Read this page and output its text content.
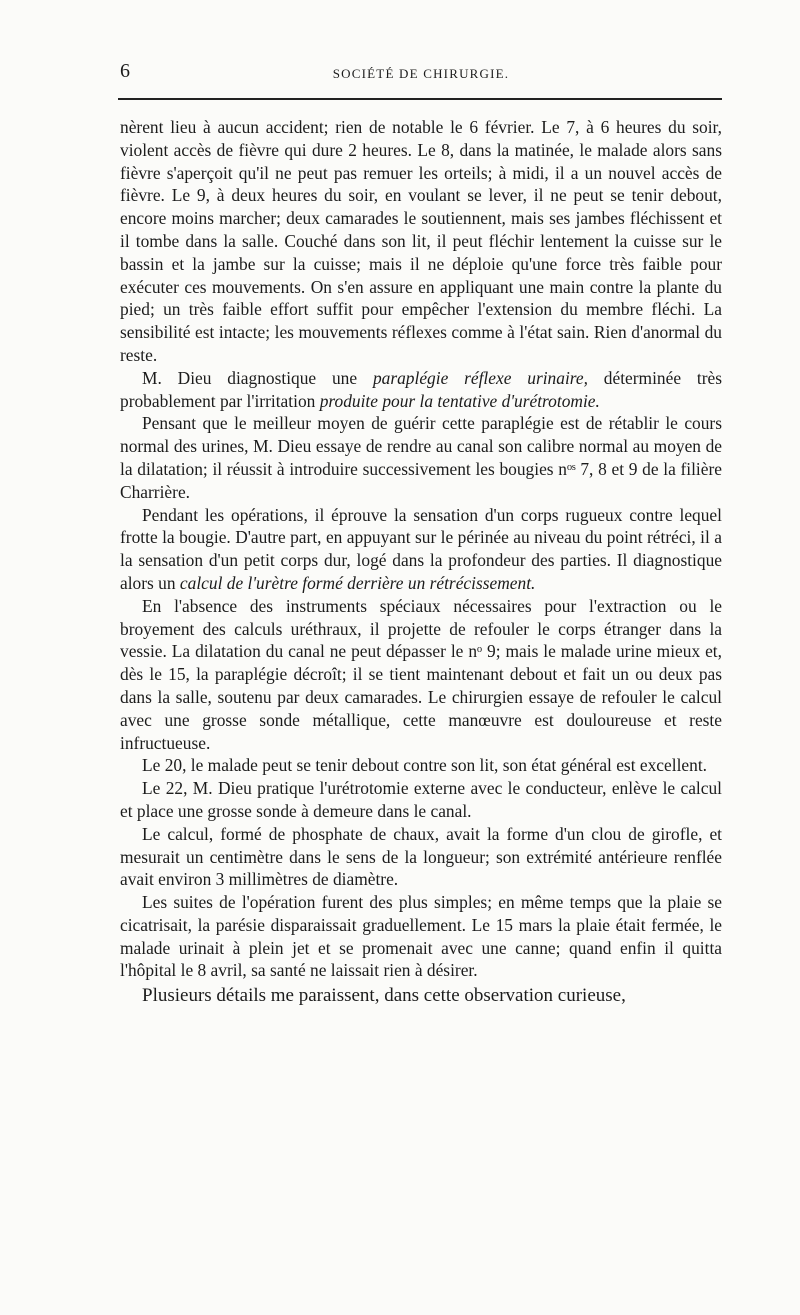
6	SOCIÉTÉ DE CHIRURGIE.

nèrent lieu à aucun accident; rien de notable le 6 février. Le 7, à 6 heures du soir, violent accès de fièvre qui dure 2 heures. Le 8, dans la matinée, le malade alors sans fièvre s'aperçoit qu'il ne peut pas remuer les orteils; à midi, il a un nouvel accès de fièvre. Le 9, à deux heures du soir, en voulant se lever, il ne peut se tenir debout, encore moins marcher; deux camarades le soutiennent, mais ses jambes fléchissent et il tombe dans la salle. Couché dans son lit, il peut fléchir lentement la cuisse sur le bassin et la jambe sur la cuisse; mais il ne déploie qu'une force très faible pour exécuter ces mouvements. On s'en assure en appliquant une main contre la plante du pied; un très faible effort suffit pour empêcher l'extension du membre fléchi. La sensibilité est intacte; les mouvements réflexes comme à l'état sain. Rien d'anormal du reste.

M. Dieu diagnostique une paraplégie réflexe urinaire, déterminée très probablement par l'irritation produite pour la tentative d'urétrotomie.

Pensant que le meilleur moyen de guérir cette paraplégie est de rétablir le cours normal des urines, M. Dieu essaye de rendre au canal son calibre normal au moyen de la dilatation; il réussit à introduire successivement les bougies nᵒˢ 7, 8 et 9 de la filière Charrière.

Pendant les opérations, il éprouve la sensation d'un corps rugueux contre lequel frotte la bougie. D'autre part, en appuyant sur le périnée au niveau du point rétréci, il a la sensation d'un petit corps dur, logé dans la profondeur des parties. Il diagnostique alors un calcul de l'urètre formé derrière un rétrécissement.

En l'absence des instruments spéciaux nécessaires pour l'extraction ou le broyement des calculs uréthraux, il projette de refouler le corps étranger dans la vessie. La dilatation du canal ne peut dépasser le nᵒ 9; mais le malade urine mieux et, dès le 15, la paraplégie décroît; il se tient maintenant debout et fait un ou deux pas dans la salle, soutenu par deux camarades. Le chirurgien essaye de refouler le calcul avec une grosse sonde métallique, cette manœuvre est douloureuse et reste infructueuse.

Le 20, le malade peut se tenir debout contre son lit, son état général est excellent.

Le 22, M. Dieu pratique l'urétrotomie externe avec le conducteur, enlève le calcul et place une grosse sonde à demeure dans le canal.

Le calcul, formé de phosphate de chaux, avait la forme d'un clou de girofle, et mesurait un centimètre dans le sens de la longueur; son extrémité antérieure renflée avait environ 3 millimètres de diamètre.

Les suites de l'opération furent des plus simples; en même temps que la plaie se cicatrisait, la parésie disparaissait graduellement. Le 15 mars la plaie était fermée, le malade urinait à plein jet et se promenait avec une canne; quand enfin il quitta l'hôpital le 8 avril, sa santé ne laissait rien à désirer.

Plusieurs détails me paraissent, dans cette observation curieuse,
